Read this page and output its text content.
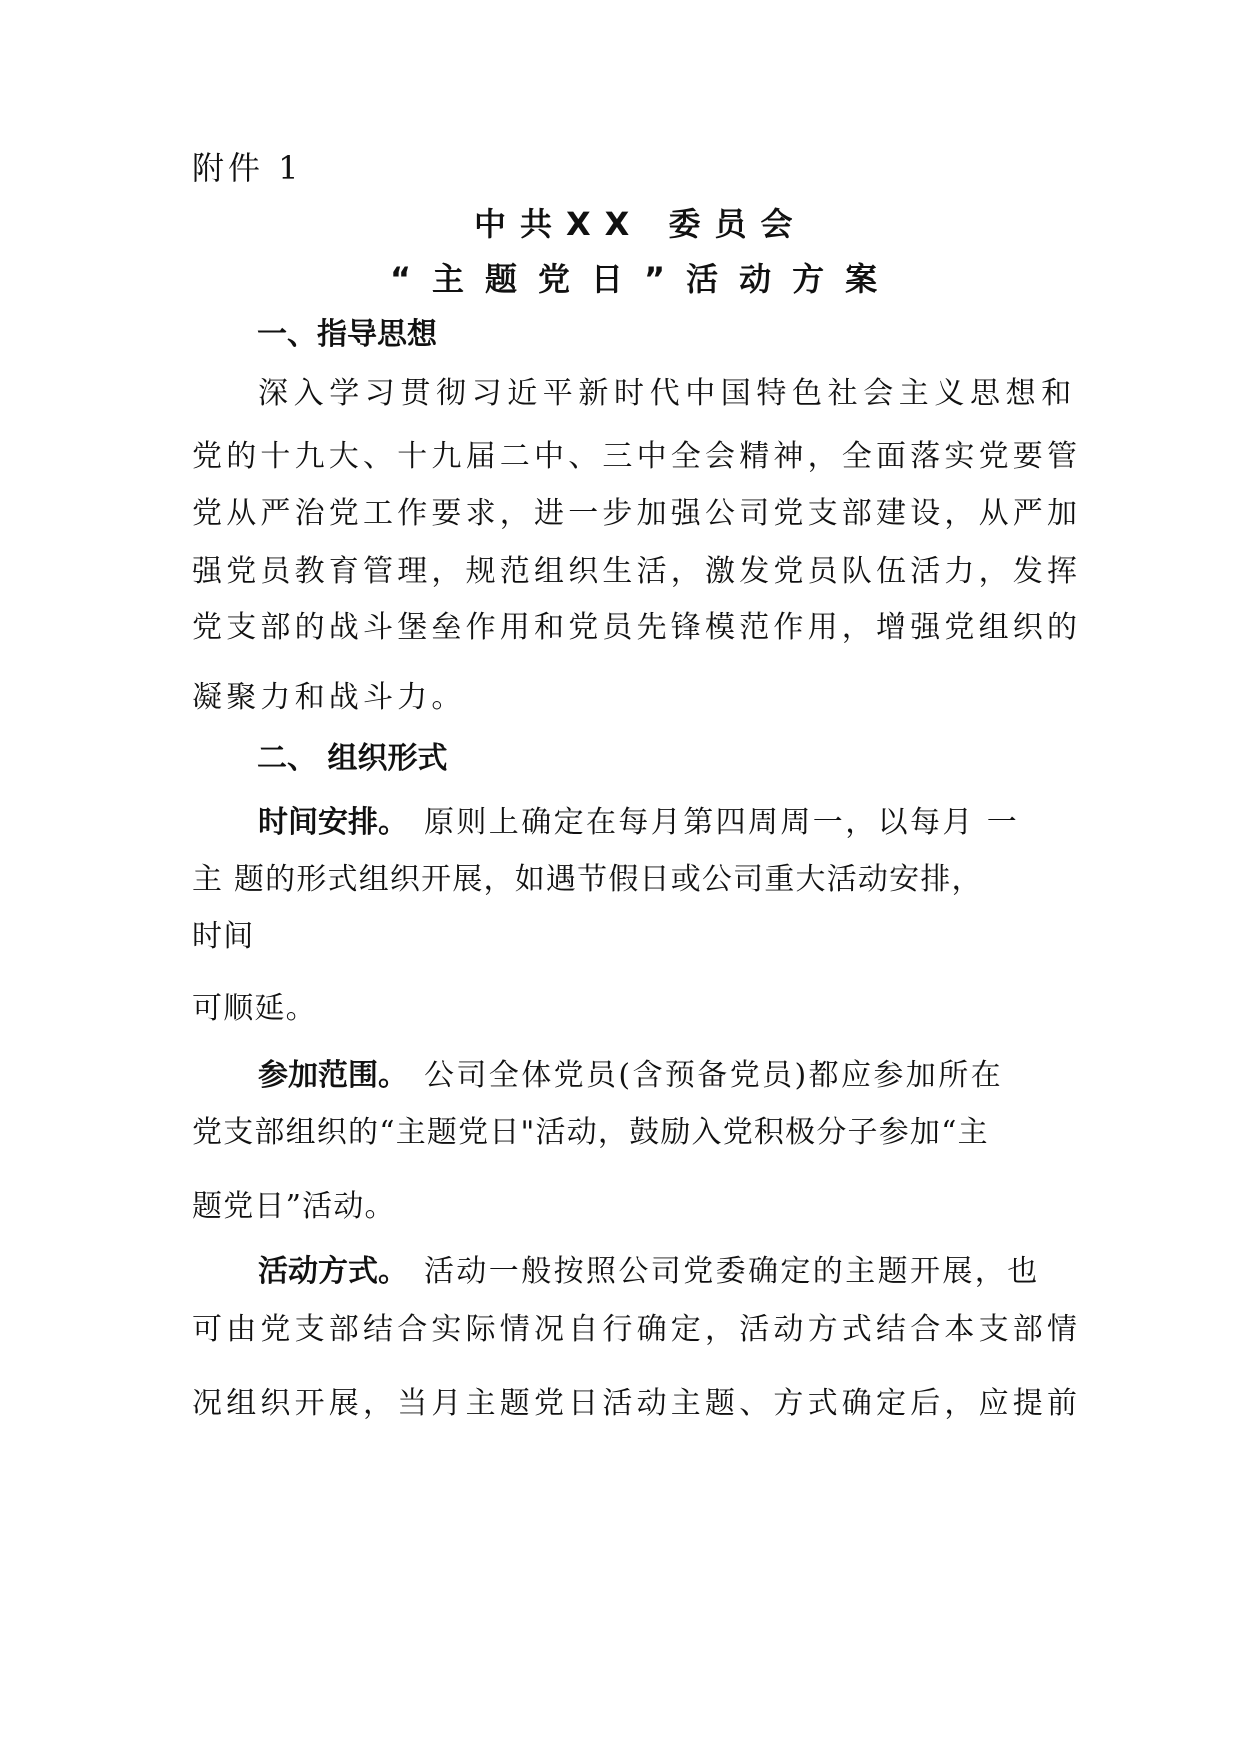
附件 1
中共XX 委员会
“主题党日”活动方案
一、指导思想
深入学习贯彻习近平新时代中国特色社会主义思想和
党的十九大、十九届二中、三中全会精神，全面落实党要管
党从严治党工作要求，进一步加强公司党支部建设，从严加
强党员教育管理，规范组织生活，激发党员队伍活力，发挥
党支部的战斗堡垒作用和党员先锋模范作用，增强党组织的
凝聚力和战斗力。
二、 组织形式
时间安排。 原则上确定在每月第四周周一，以每月 一
主 题的形式组织开展，如遇节假日或公司重大活动安排，
时间
可顺延。
参加范围。 公司全体党员(含预备党员)都应参加所在
党支部组织的“主题党日"活动，鼓励入党积极分子参加“主
题党日”活动。
活动方式。 活动一般按照公司党委确定的主题开展，也
可由党支部结合实际情况自行确定，活动方式结合本支部情
况组织开展，当月主题党日活动主题、方式确定后，应提前
